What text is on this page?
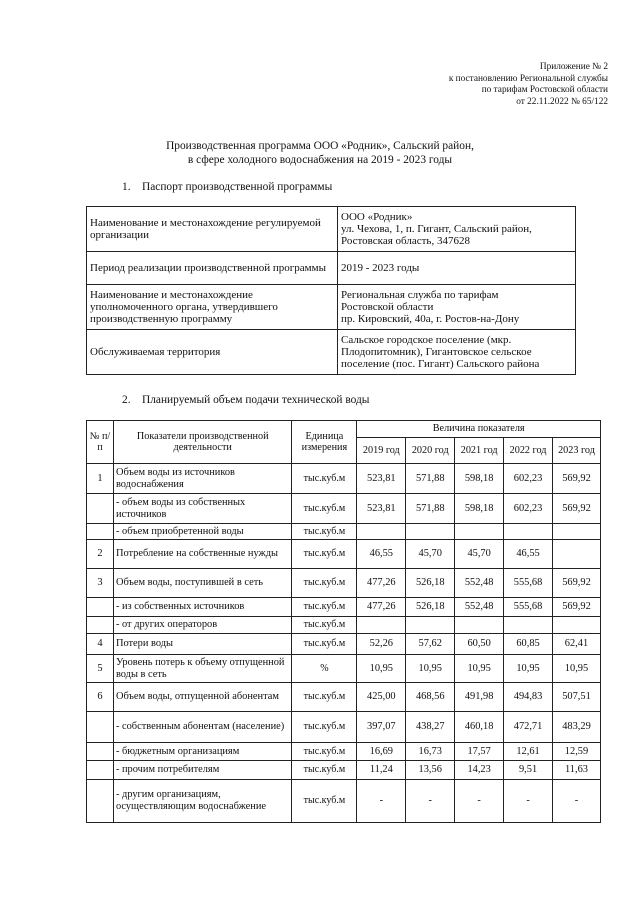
Приложение № 2
к постановлению Региональной службы
по тарифам Ростовской области
от 22.11.2022 № 65/122
Производственная программа ООО «Родник», Сальский район,
в сфере холодного водоснабжения на 2019 - 2023 годы
1. Паспорт производственной программы
Наименование и местонахождение регулируемой организации	ООО «Родник»
ул. Чехова, 1, п. Гигант, Сальский район,
Ростовская область, 347628

Период реализации производственной программы	2019 - 2023 годы

Наименование и местонахождение уполномоченного органа, утвердившего производственную программу	Региональная служба по тарифам
Ростовской области
пр. Кировский, 40а, г. Ростов-на-Дону

Обслуживаемая территория	Сальское городское поселение (мкр.
Плодопитомник), Гигантовское сельское
поселение (пос. Гигант) Сальского района
2. Планируемый объем подачи технической воды
№ п/п	Показатели производственной деятельности	Единица измерения	Величина показателя				
			2019 год	2020 год	2021 год	2022 год	2023 год
1	Объем воды из источников водоснабжения	тыс.куб.м	523,81	571,88	598,18	602,23	569,92
	- объем воды из собственных источников	тыс.куб.м	523,81	571,88	598,18	602,23	569,92
	- объем приобретенной воды	тыс.куб.м					
2	Потребление на собственные нужды	тыс.куб.м	46,55	45,70	45,70	46,55	
3	Объем воды, поступившей в сеть	тыс.куб.м	477,26	526,18	552,48	555,68	569,92
	- из собственных источников	тыс.куб.м	477,26	526,18	552,48	555,68	569,92
	- от других операторов	тыс.куб.м					
4	Потери воды	тыс.куб.м	52,26	57,62	60,50	60,85	62,41
5	Уровень потерь к объему отпущенной воды в сеть	%	10,95	10,95	10,95	10,95	10,95
6	Объем воды, отпущенной абонентам	тыс.куб.м	425,00	468,56	491,98	494,83	507,51
	- собственным абонентам (население)	тыс.куб.м	397,07	438,27	460,18	472,71	483,29
	- бюджетным организациям	тыс.куб.м	16,69	16,73	17,57	12,61	12,59
	- прочим потребителям	тыс.куб.м	11,24	13,56	14,23	9,51	11,63
	- другим организациям, осуществляющим водоснабжение	тыс.куб.м	-	-	-	-	-
